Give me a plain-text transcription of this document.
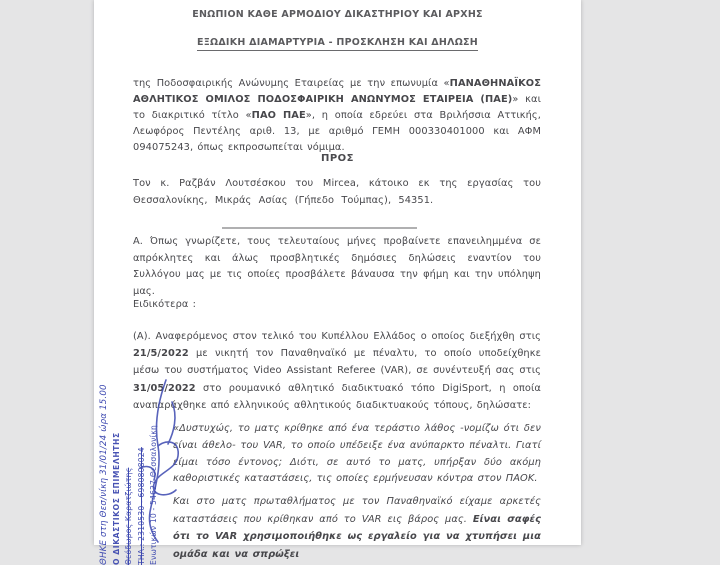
ΕΝΩΠΙΟΝ ΚΑΘΕ ΑΡΜΟΔΙΟΥ ΔΙΚΑΣΤΗΡΙΟΥ ΚΑΙ ΑΡΧΗΣ
ΕΞΩΔΙΚΗ ΔΙΑΜΑΡΤΥΡΙΑ - ΠΡΟΣΚΛΗΣΗ ΚΑΙ ΔΗΛΩΣΗ
της Ποδοσφαιρικής Ανώνυμης Εταιρείας με την επωνυμία «ΠΑΝΑΘΗΝΑΪΚΟΣ ΑΘΛΗΤΙΚΟΣ ΟΜΙΛΟΣ ΠΟΔΟΣΦΑΙΡΙΚΗ ΑΝΩΝΥΜΟΣ ΕΤΑΙΡΕΙΑ (ΠΑΕ)» και το διακριτικό τίτλο «ΠΑΟ ΠΑΕ», η οποία εδρεύει στα Βριλήσσια Αττικής, Λεωφόρος Πεντέλης αριθ. 13, με αριθμό ΓΕΜΗ 000330401000 και ΑΦΜ 094075243, όπως εκπροσωπείται νόμιμα.
ΠΡΟΣ
Τον κ. Ραζβάν Λουτσέσκου του Mircea, κάτοικο εκ της εργασίας του Θεσσαλονίκης, Μικράς Ασίας (Γήπεδο Τούμπας), 54351.
Α. Όπως γνωρίζετε, τους τελευταίους μήνες προβαίνετε επανειλημμένα σε απρόκλητες και άλως προσβλητικές δημόσιες δηλώσεις εναντίον του Συλλόγου μας με τις οποίες προσβάλετε βάναυσα την φήμη και την υπόληψη μας.
Ειδικότερα :
(Α). Αναφερόμενος στον τελικό του Κυπέλλου Ελλάδος ο οποίος διεξήχθη στις 21/5/2022 με νικητή τον Παναθηναϊκό με πέναλτυ, το οποίο υποδείχθηκε μέσω του συστήματος Video Assistant Referee (VAR), σε συνέντευξή σας στις 31/05/2022 στο ρουμανικό αθλητικό διαδικτυακό τόπο DigiSport, η οποία αναπαράχθηκε από ελληνικούς αθλητικούς διαδικτυακούς τόπους, δηλώσατε:
«Δυστυχώς, το ματς κρίθηκε από ένα τεράστιο λάθος -νομίζω ότι δεν είναι άθελο- του VAR, το οποίο υπέδειξε ένα ανύπαρκτο πέναλτι. Γιατί είμαι τόσο έντονος; Διότι, σε αυτό το ματς, υπήρξαν δύο ακόμη καθοριστικές καταστάσεις, τις οποίες ερμήνευσαν κόντρα στον ΠΑΟΚ.
Και στο ματς πρωταθλήματος με τον Παναθηναϊκό είχαμε αρκετές καταστάσεις που κρίθηκαν από το VAR εις βάρος μας. Είναι σαφές ότι το VAR χρησιμοποιήθηκε ως εργαλείο για να χτυπήσει μια ομάδα και να σπρώξει
ΘΗΚΕ στη Θεσ/νίκη 31/01/24 ώρα 15.00 Ο ΔΙΚΑΣΤΙΚΟΣ ΕΠΙΜΕΛΗΤΗΣ Θεόδωρος Καρατζιώτης ΤΗΛ.: 2310530 - 6980808024 Ενωτικών 10 - 54627 Θεσσαλονίκη
